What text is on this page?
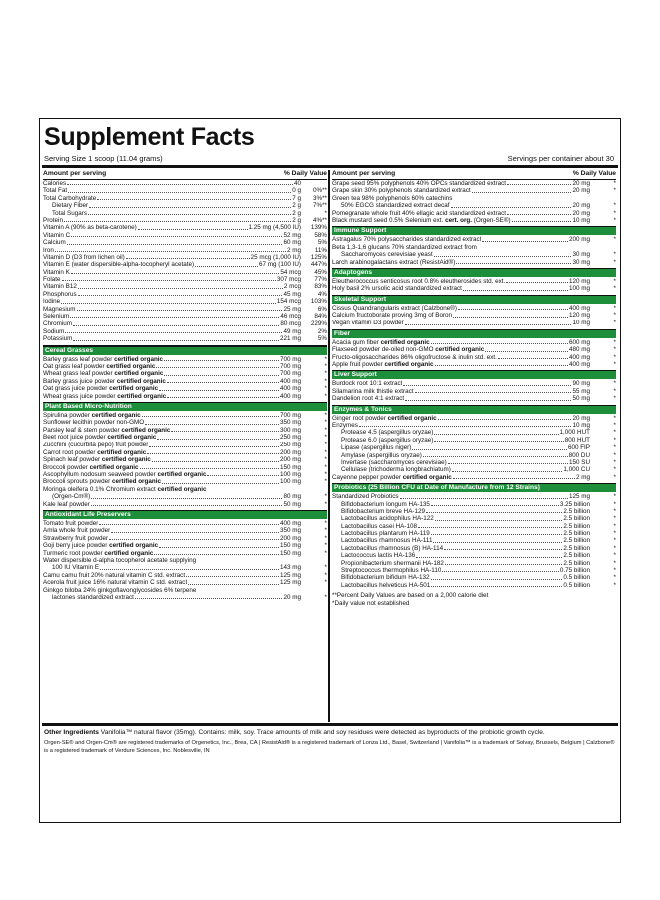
Supplement Facts
Serving Size 1 scoop (11.04 grams)	Servings per container about 30
Amount per serving	% Daily Value
Calories	40
Total Fat	0 g	0%**
Total Carbohydrate	7 g	3%**
Dietary Fiber	2 g	7%**
Total Sugars	2 g	*
Protein	2 g	4%**
Vitamin A (90% as beta-carotene)	1.25 mg (4,500 IU)	139%
Vitamin C	52 mg	58%
Calcium	60 mg	5%
Iron	2 mg	11%
Vitamin D (D3 from lichen oil)	25 mcg (1,000 IU)	125%
Vitamin E (water dispersible-alpha-tocopheryl acetate)	67 mg (100 IU)	447%
Vitamin K	54 mcg	45%
Folate	307 mcg	77%
Vitamin B12	2 mcg	83%
Phosphorus	45 mg	4%
Iodine	154 mcg	103%
Magnesium	25 mg	6%
Selenium	46 mcg	84%
Chromium	80 mcg	229%
Sodium	49 mg	2%
Potassium	221 mg	5%
Cereal Grasses
Barley grass leaf powder certified organic	700 mg	*
Oat grass leaf powder certified organic	700 mg	*
Wheat grass leaf powder certified organic	700 mg	*
Barley grass juice powder certified organic	400 mg	*
Oat grass juice powder certified organic	400 mg	*
Wheat grass juice powder certified organic	400 mg	*
Plant Based Micro-Nutrition
Spirulina powder certified organic	700 mg	*
Sunflower lecithin powder non-GMO	350 mg	*
Parsley leaf & stem powder certified organic	300 mg	*
Beet root juice powder certified organic	250 mg	*
Zucchini (cucurbita pepo) fruit powder	250 mg	*
Carrot root powder certified organic	200 mg	*
Spinach leaf powder certified organic	200 mg	*
Broccoli powder certified organic	150 mg	*
Ascophyllum nodosum seaweed powder certified organic	100 mg	*
Broccoli sprouts powder certified organic	100 mg	*
Moringa oleifera 0.1% Chromium extract certified organic
(Orgen-Cm®)	80 mg	*
Kale leaf powder	50 mg	*
Antioxidant Life Preservers
Tomato fruit powder	400 mg	*
Amla whole fruit powder	350 mg	*
Strawberry fruit powder	200 mg	*
Goji berry juice powder certified organic	150 mg	*
Turmeric root powder certified organic	150 mg	*
Water dispersible d-alpha tocopherol acetate supplying
100 IU Vitamin E	143 mg	*
Camu camu fruit 20% natural vitamin C std. extract	125 mg	*
Acerola fruit juice 16% natural vitamin C std. extract	125 mg	*
Ginkgo biloba 24% ginkgoflavonglycosides 6% terpene
lactones standardized extract	20 mg	*
Amount per serving	% Daily Value
Grape seed 95% polyphenols 40% OPCs standardized extract	20 mg	*
Grape skin 30% polyphenols standardized extract	20 mg	*
Green tea 98% polyphenols 60% catechins
50% EGCG standardized extract decaf	20 mg	*
Pomegranate whole fruit 40% ellagic acid standardized extract	20 mg	*
Black mustard seed 0.5% Selenium ext. cert. org. (Orgen-SE®)	10 mg	*
Immune Support
Astragalus 70% polysaccharides standardized extract	200 mg	*
Beta 1,3-1,6 glucans 70% standardized extract from
Saccharomyces cerevisiae yeast	30 mg	*
Larch arabinogalactans extract (ResistAid®)	30 mg	*
Adaptogens
Eleutherococcus senticosus root 0.8% eleutherosides std. ext.	120 mg	*
Holy basil 2% ursolic acid standardized extract	100 mg	*
Skeletal Support
Cissus Quandrangularis extract (Calzbone®)	400 mg	*
Calcium fructoborate proving 3mg of Boron	120 mg	*
Vegan vitamin D3 powder	10 mg	*
Fiber
Acacia gum fiber certified organic	600 mg	*
Flaxseed powder de-oiled non-GMO certified organic	480 mg	*
Fructo-oligosaccharides 86% oligofructose & inulin std. ext.	400 mg	*
Apple fruit powder certified organic	400 mg	*
Liver Support
Burdock root 10:1 extract	90 mg	*
Silamarina milk thistle extract	55 mg	*
Dandelion root 4:1 extract	50 mg	*
Enzymes & Tonics
Ginger root powder certified organic	20 mg	*
Enzymes	10 mg	*
Protease 4.5 (aspergillus oryzae)	1,000 HUT	*
Protease 6.0 (aspergillus oryzae)	800 HUT	*
Lipase (aspergillus niger)	600 FIP	*
Amylase (aspergillus oryzae)	800 DU	*
Invertase (saccharomyces cerevisiae)	150 SU	*
Cellulase (trichoderma longbrachiatum)	1,000 CU	*
Cayenne pepper powder certified organic	2 mg	*
Probiotics (25 Billion CFU at Date of Manufacture from 12 Strains)
Standardized Probiotics	125 mg	*
Bifidobacterium longum HA-135	3.25 billion	*
Bifidobacterium breve HA-129	2.5 billion	*
Lactobacillus acidophilus HA-122	2.5 billion	*
Lactobacillus casei HA-108	2.5 billion	*
Lactobacillus plantarum HA-119	2.5 billion	*
Lactobacillus rhamnosus HA-111	2.5 billion	*
Lactobacillus rhamnosus (B) HA-114	2.5 billion	*
Lactococcus lactis HA-136	2.5 billion	*
Propionibacterium shermanii HA-182	2.5 billion	*
Streptococcus thermophilus HA-110	0.75 billion	*
Bifidobacterium bifidum HA-132	0.5 billion	*
Lactobacillus helveticus HA-501	0.5 billion	*
**Percent Daily Values are based on a 2,000 calorie diet
*Daily value not established
Other Ingredients Vanifolia™ natural flavor (35mg). Contains: milk, soy. Trace amounts of milk and soy residues were detected as byproducts of the probiotic growth cycle.
Orgen-SE® and Orgen-Cm® are registered trademarks of Orgenetics, Inc., Brea, CA | ResistAid® is a registered trademark of Lonza Ltd., Basel, Switzerland | Vanifolia™ is a trademark of Solvay, Brussels, Belgium | Calzbone® is a registered trademark of Verdure Sciences, Inc. Noblesville, IN
